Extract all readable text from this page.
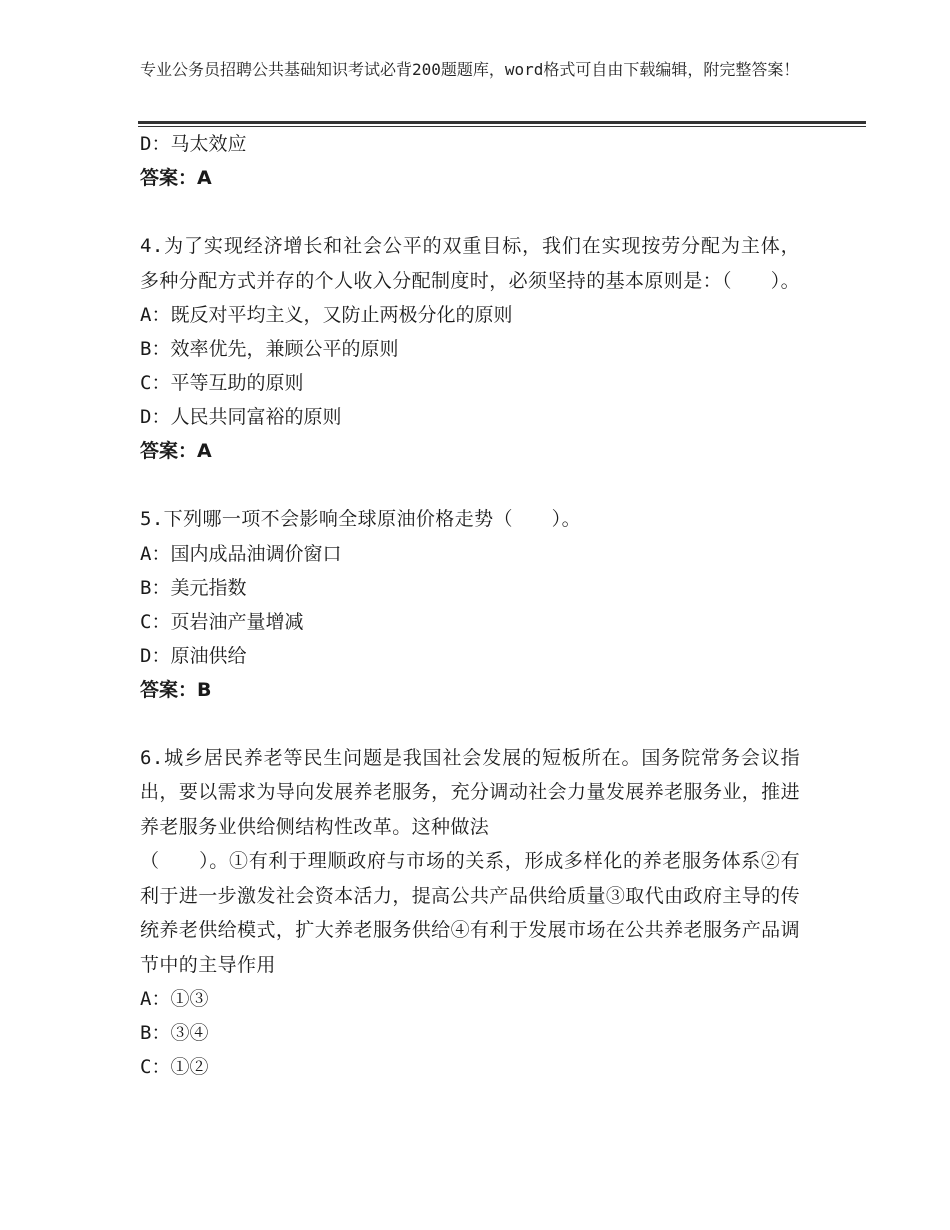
专业公务员招聘公共基础知识考试必背200题题库，word格式可自由下载编辑，附完整答案！
D：马太效应
答案：A
4.为了实现经济增长和社会公平的双重目标，我们在实现按劳分配为主体，多种分配方式并存的个人收入分配制度时，必须坚持的基本原则是：（　　）。
A：既反对平均主义，又防止两极分化的原则
B：效率优先，兼顾公平的原则
C：平等互助的原则
D：人民共同富裕的原则
答案：A
5.下列哪一项不会影响全球原油价格走势（　　）。
A：国内成品油调价窗口
B：美元指数
C：页岩油产量增减
D：原油供给
答案：B
6.城乡居民养老等民生问题是我国社会发展的短板所在。国务院常务会议指出，要以需求为导向发展养老服务，充分调动社会力量发展养老服务业，推进养老服务业供给侧结构性改革。这种做法
（　　）。①有利于理顺政府与市场的关系，形成多样化的养老服务体系②有利于进一步激发社会资本活力，提高公共产品供给质量③取代由政府主导的传统养老供给模式，扩大养老服务供给④有利于发展市场在公共养老服务产品调节中的主导作用
A：①③
B：③④
C：①②
